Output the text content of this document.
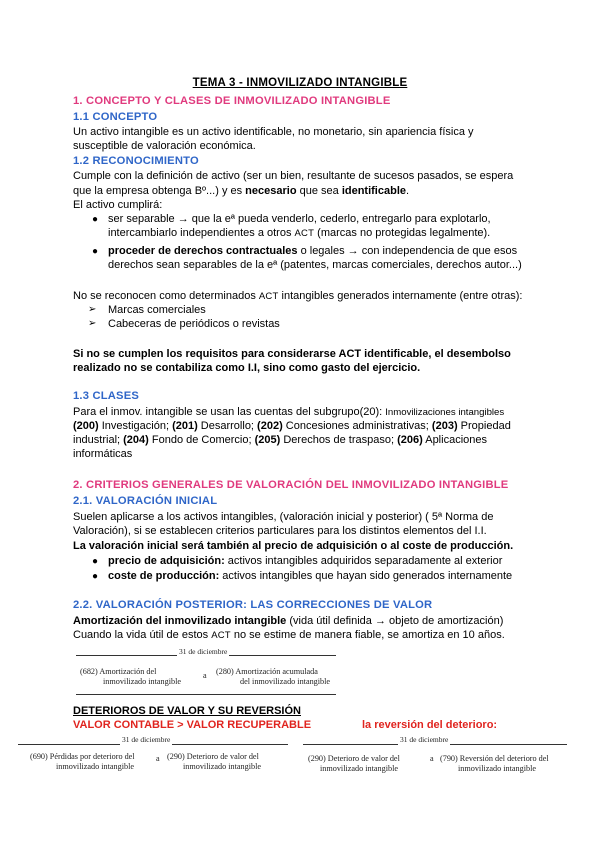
TEMA 3 - INMOVILIZADO INTANGIBLE
1. CONCEPTO Y CLASES DE INMOVILIZADO INTANGIBLE
1.1 CONCEPTO
Un activo intangible es un activo identificable, no monetario, sin apariencia física y
susceptible de valoración económica.
1.2 RECONOCIMIENTO
Cumple con la definición de activo (ser un bien, resultante de sucesos pasados, se espera
que la empresa obtenga Bº...) y es necesario que sea identificable.
El activo cumplirá:
● ser separable → que la eª pueda venderlo, cederlo, entregarlo para explotarlo,
intercambiarlo independientes a otros ACT (marcas no protegidas legalmente).
● proceder de derechos contractuales o legales → con independencia de que esos
derechos sean separables de la eª (patentes, marcas comerciales, derechos autor...)
No se reconocen como determinados ACT intangibles generados internamente (entre otras):
➢ Marcas comerciales
➢ Cabeceras de periódicos o revistas
Si no se cumplen los requisitos para considerarse ACT identificable, el desembolso
realizado no se contabiliza como I.I, sino como gasto del ejercicio.
1.3 CLASES
Para el inmov. intangible se usan las cuentas del subgrupo(20): Inmovilizaciones intangibles
(200) Investigación; (201) Desarrollo; (202) Concesiones administrativas; (203) Propiedad
industrial; (204) Fondo de Comercio; (205) Derechos de traspaso; (206) Aplicaciones
informáticas
2. CRITERIOS GENERALES DE VALORACIÓN DEL INMOVILIZADO INTANGIBLE
2.1. VALORACIÓN INICIAL
Suelen aplicarse a los activos intangibles, (valoración inicial y posterior) ( 5ª Norma de
Valoración), si se establecen criterios particulares para los distintos elementos del I.I.
La valoración inicial será también al precio de adquisición o al coste de producción.
● precio de adquisición: activos intangibles adquiridos separadamente al exterior
● coste de producción: activos intangibles que hayan sido generados internamente
2.2. VALORACIÓN POSTERIOR: LAS CORRECCIONES DE VALOR
Amortización del inmovilizado intangible (vida útil definida → objeto de amortización)
Cuando la vida útil de estos ACT no se estime de manera fiable, se amortiza en 10 años.
31 de diciembre
(682) Amortización del
inmovilizado intangible
a (280) Amortización acumulada
del inmovilizado intangible
DETERIOROS DE VALOR Y SU REVERSIÓN
VALOR CONTABLE > VALOR RECUPERABLE	la reversión del deterioro:
31 de diciembre
(690) Pérdidas por deterioro del
inmovilizado intangible
a (290) Deterioro de valor del
inmovilizado intangible
31 de diciembre
(290) Deterioro de valor del
inmovilizado intangible
a (790) Reversión del deterioro del
inmovilizado intangible
